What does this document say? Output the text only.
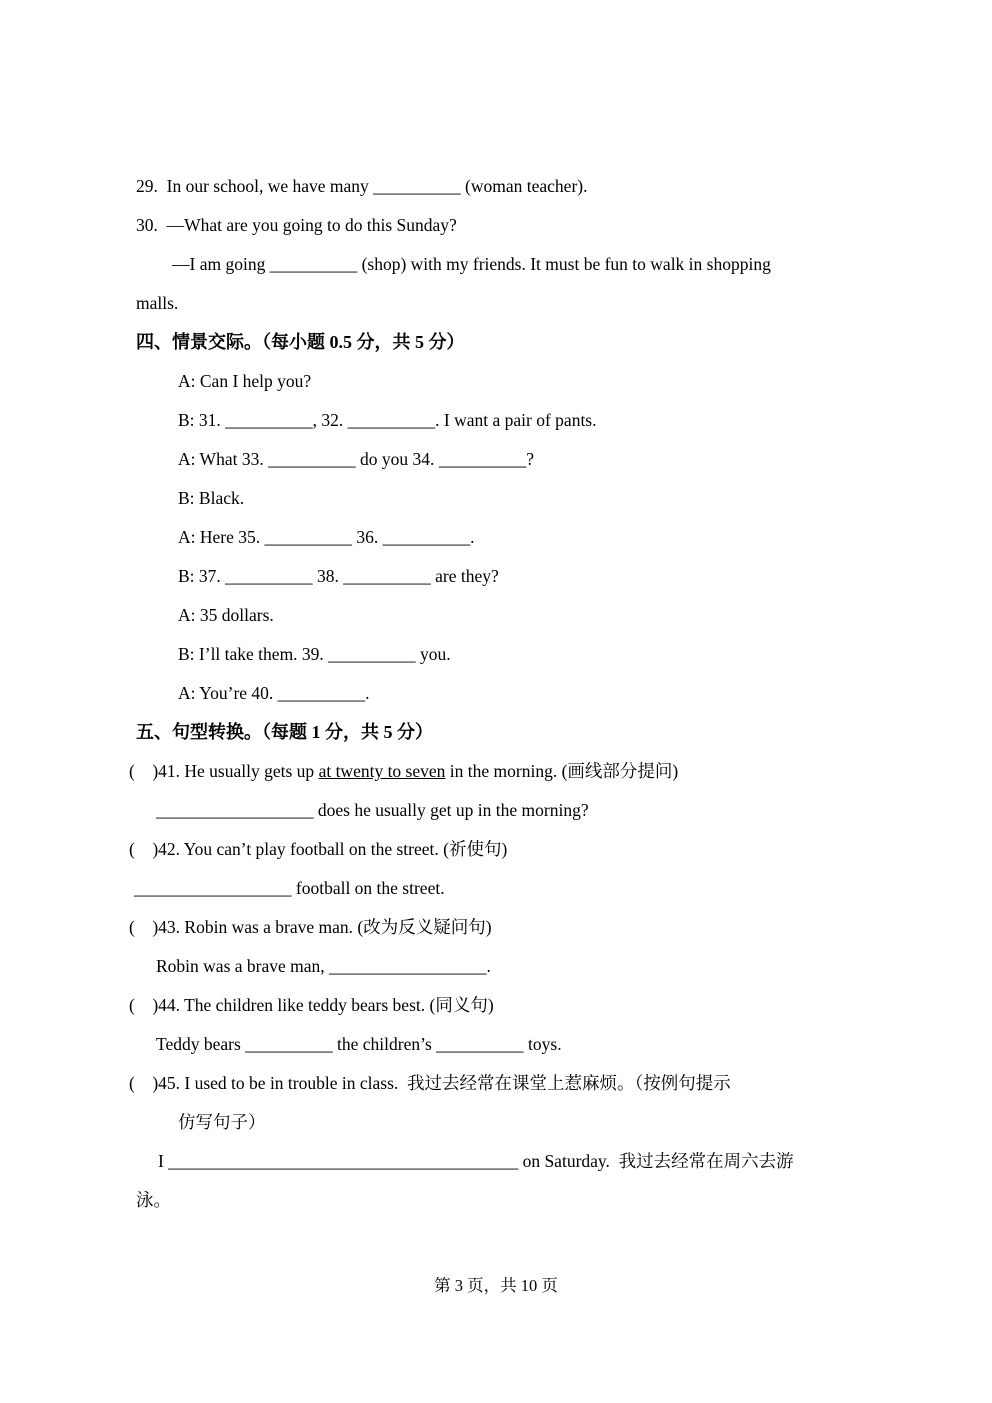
29.  In our school, we have many __________ (woman teacher).

30.  —What are you going to do this Sunday?

—I am going __________ (shop) with my friends. It must be fun to walk in shopping

malls.

四、情景交际。（每小题 0.5 分，共 5 分）

A: Can I help you?

B: 31. __________, 32. __________. I want a pair of pants.

A: What 33. __________ do you 34. __________?

B: Black.

A: Here 35. __________ 36. __________.

B: 37. __________ 38. __________ are they?

A: 35 dollars.

B: I’ll take them. 39. __________ you.

A: You’re 40. __________.

五、句型转换。（每题 1 分，共 5 分）

(    )41. He usually gets up at twenty to seven in the morning. (画线部分提问)

__________________ does he usually get up in the morning?

(    )42. You can’t play football on the street. (祈使句)

__________________ football on the street.

(    )43. Robin was a brave man. (改为反义疑问句)

Robin was a brave man, __________________.

(    )44. The children like teddy bears best. (同义句)

Teddy bears __________ the children’s __________ toys.

(    )45. I used to be in trouble in class.  我过去经常在课堂上惹麻烦。（按例句提示

仿写句子）

I ________________________________________ on Saturday.  我过去经常在周六去游

泳。

第 3 页，共 10 页
